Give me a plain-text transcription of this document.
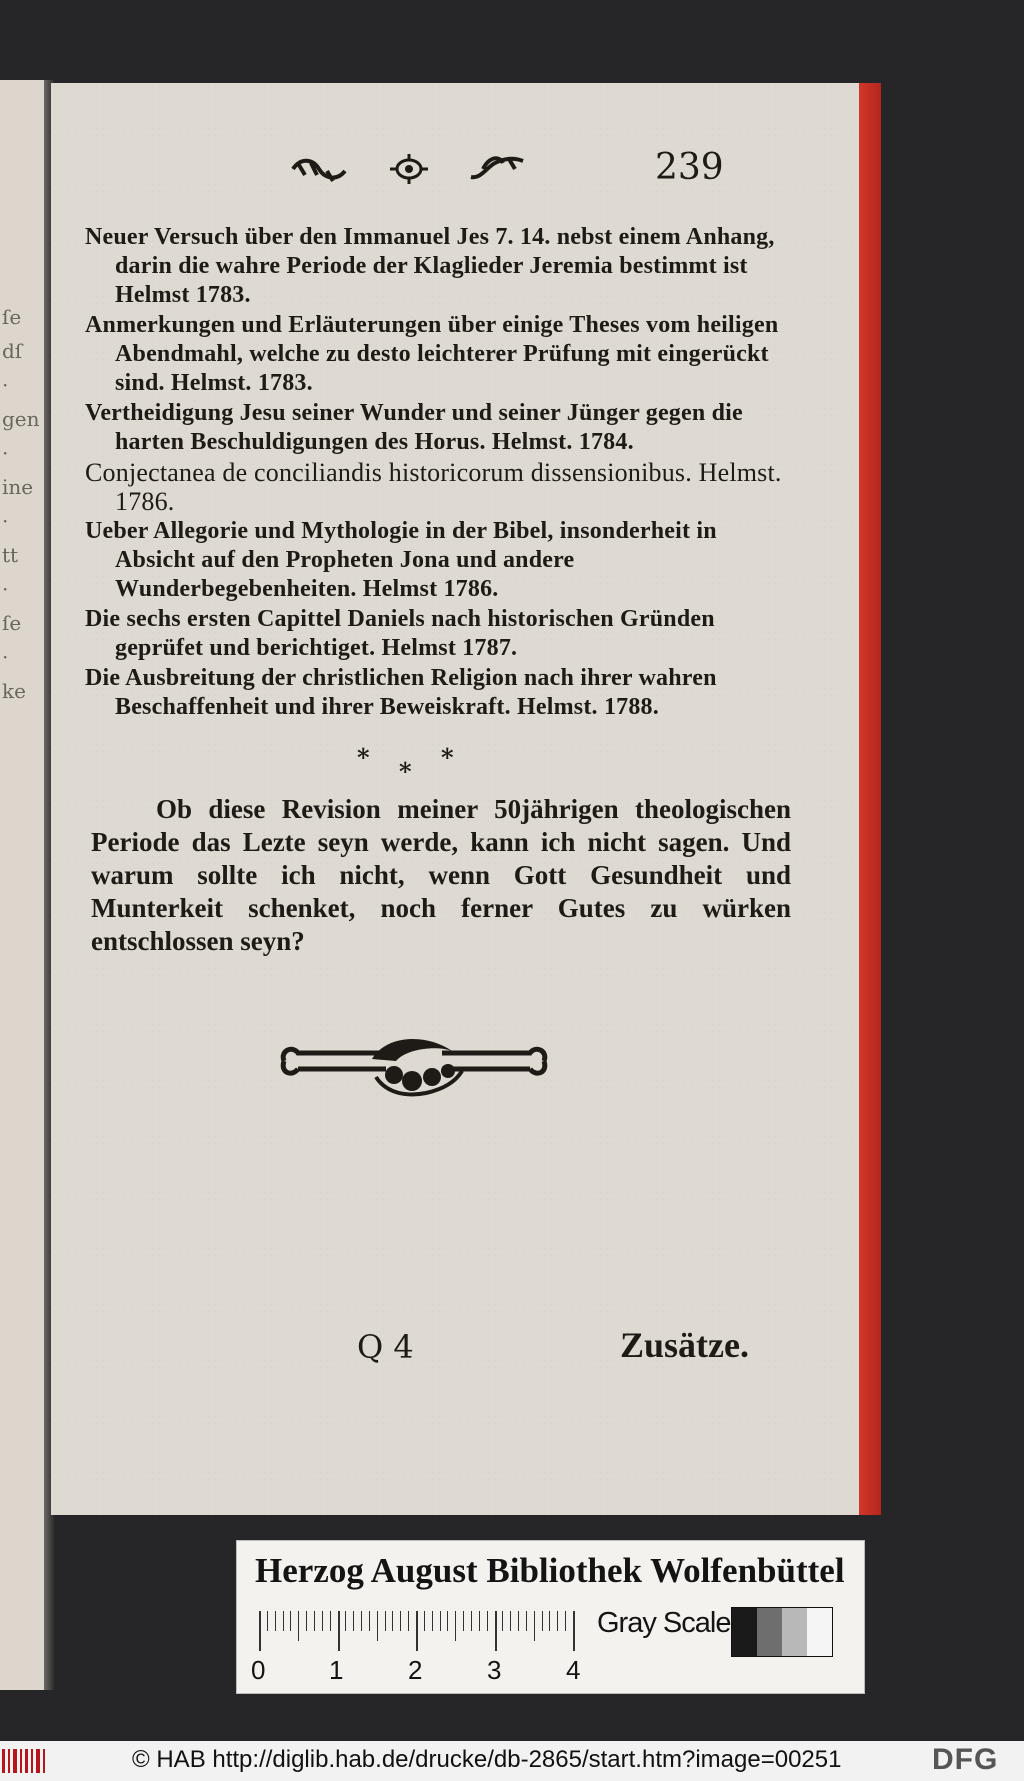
ſe
dſ
·
gen
·
ine
·
tt
·
ſe
·
ke
239

Neuer Versuch über den Immanuel Jes 7. 14. nebst einem Anhang, darin die wahre Periode der Klaglieder Jeremia bestimmt ist Helmst 1783.

Anmerkungen und Erläuterungen über einige Theses vom heiligen Abendmahl, welche zu desto leichterer Prüfung mit eingerückt sind. Helmst. 1783.

Vertheidigung Jesu seiner Wunder und seiner Jünger gegen die harten Beschuldigungen des Horus. Helmst. 1784.

Conjectanea de conciliandis historicorum dissensionibus. Helmst. 1786.

Ueber Allegorie und Mythologie in der Bibel, insonderheit in Absicht auf den Propheten Jona und andere Wunderbegebenheiten. Helmst 1786.

Die sechs ersten Capittel Daniels nach historischen Gründen geprüfet und berichtiget. Helmst 1787.

Die Ausbreitung der christlichen Religion nach ihrer wahren Beschaffenheit und ihrer Beweiskraft. Helmst. 1788.

* * *

Ob diese Revision meiner 50jährigen theologischen Periode das Lezte seyn werde, kann ich nicht sagen. Und warum sollte ich nicht, wenn Gott Gesundheit und Munterkeit schenket, noch ferner Gutes zu würken entschlossen seyn?

Q 4	Zusätze.
Herzog August Bibliothek Wolfenbüttel
0 1 2 3 4
Gray Scale
© HAB http://diglib.hab.de/drucke/db-2865/start.htm?image=00251	DFG
